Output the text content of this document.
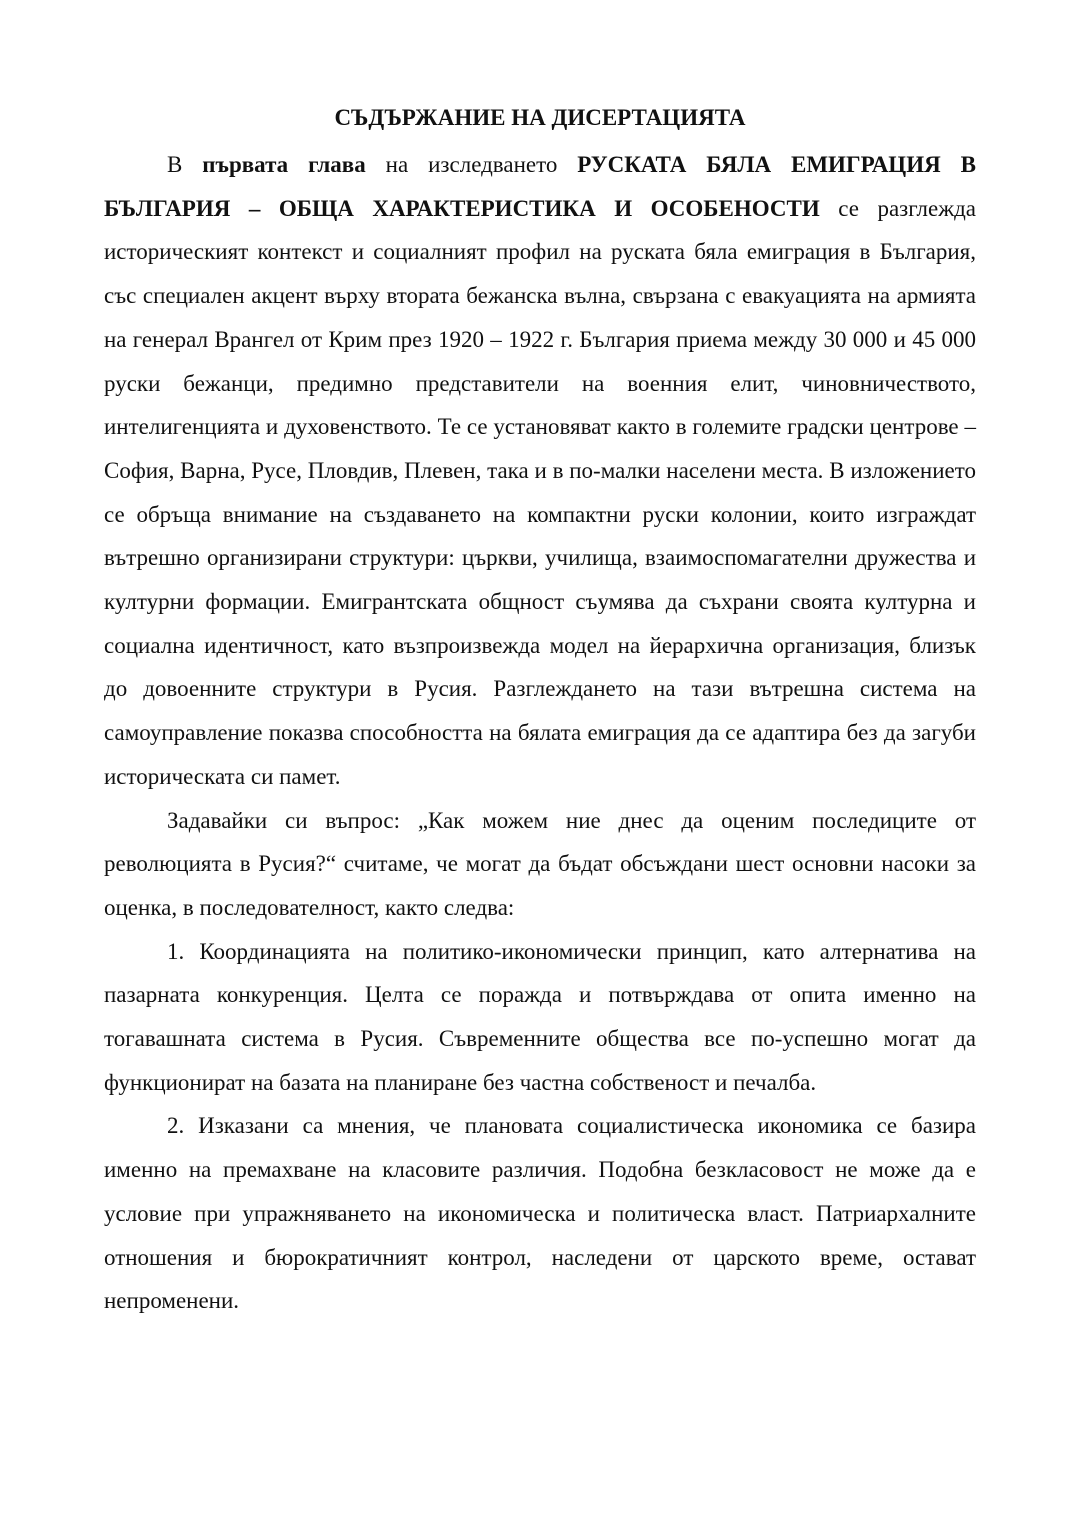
СЪДЪРЖАНИЕ НА ДИСЕРТАЦИЯТА

В първата глава на изследването РУСКАТА БЯЛА ЕМИГРАЦИЯ В БЪЛГАРИЯ – ОБЩА ХАРАКТЕРИСТИКА И ОСОБЕНОСТИ се разглежда историческият контекст и социалният профил на руската бяла емиграция в България, със специален акцент върху втората бежанска вълна, свързана с евакуацията на армията на генерал Врангел от Крим през 1920 – 1922 г. България приема между 30 000 и 45 000 руски бежанци, предимно представители на военния елит, чиновничеството, интелигенцията и духовенството. Те се установяват както в големите градски центрове – София, Варна, Русе, Пловдив, Плевен, така и в по-малки населени места. В изложението се обръща внимание на създаването на компактни руски колонии, които изграждат вътрешно организирани структури: църкви, училища, взаимоспомагателни дружества и културни формации. Емигрантската общност съумява да съхрани своята културна и социална идентичност, като възпроизвежда модел на йерархична организация, близък до довоенните структури в Русия. Разглеждането на тази вътрешна система на самоуправление показва способността на бялата емиграция да се адаптира без да загуби историческата си памет.

Задавайки си въпрос: „Как можем ние днес да оценим последиците от революцията в Русия?“ считаме, че могат да бъдат обсъждани шест основни насоки за оценка, в последователност, както следва:

1. Координацията на политико-икономически принцип, като алтернатива на пазарната конкуренция. Целта се поражда и потвърждава от опита именно на тогавашната система в Русия. Съвременните общества все по-успешно могат да функционират на базата на планиране без частна собственост и печалба.

2. Изказани са мнения, че плановата социалистическа икономика се базира именно на премахване на класовите различия. Подобна безкласовост не може да е условие при упражняването на икономическа и политическа власт. Патриархалните отношения и бюрократичният контрол, наследени от царското време, остават непроменени.
